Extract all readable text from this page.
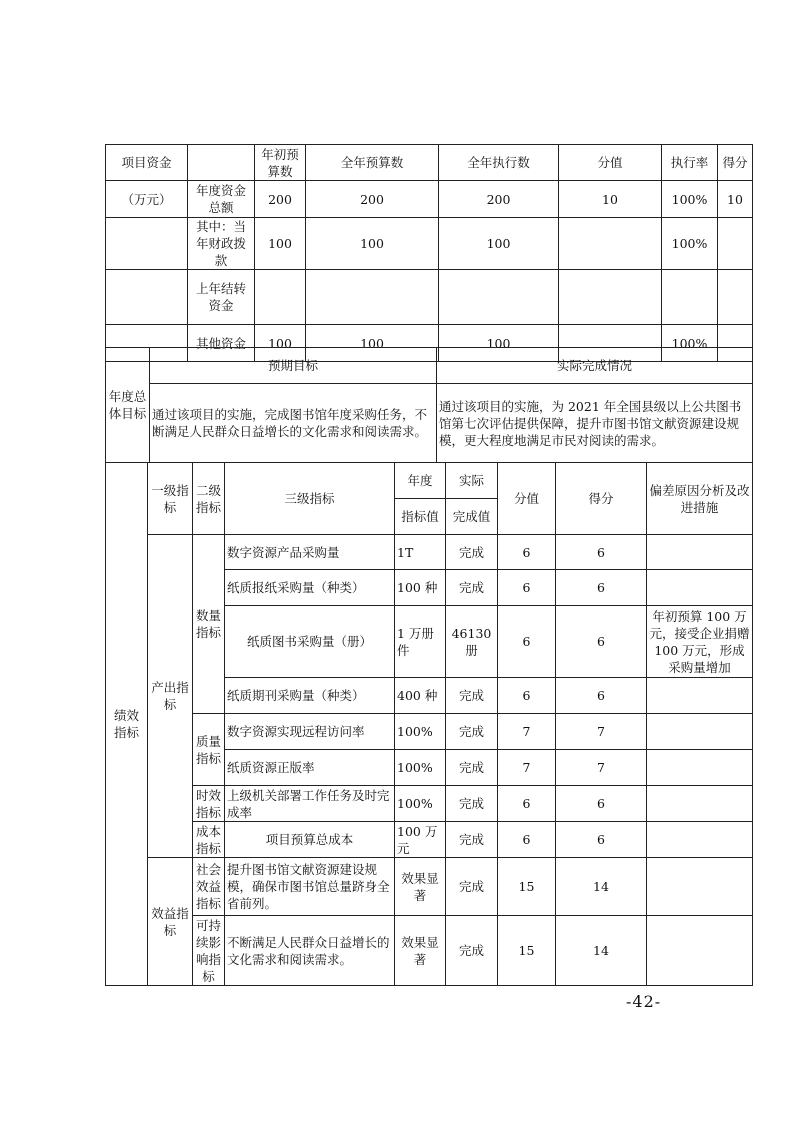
项目资金		年初预算数	全年预算数	全年执行数	分值	执行率	得分
（万元）	年度资金总额	200	200	200	10	100%	10
	其中：当年财政拨款	100	100	100		100%	
	上年结转资金						
	其他资金	100	100	100		100%	
年度总体目标	预期目标	实际完成情况
	通过该项目的实施，完成图书馆年度采购任务，不断满足人民群众日益增长的文化需求和阅读需求。	通过该项目的实施，为 2021 年全国县级以上公共图书馆第七次评估提供保障，提升市图书馆文献资源建设规模，更大程度地满足市民对阅读的需求。
绩效指标	一级指标	二级指标	三级指标	年度	实际	分值	得分	偏差原因分析及改进措施
				指标值	完成值			
	产出指标	数量指标	数字资源产品采购量	1T	完成	6	6	
			纸质报纸采购量（种类）	100 种	完成	6	6	
			纸质图书采购量（册）	1 万册件	46130 册	6	6	年初预算 100 万元，接受企业捐赠 100 万元，形成采购量增加
			纸质期刊采购量（种类）	400 种	完成	6	6	
		质量指标	数字资源实现远程访问率	100%	完成	7	7	
			纸质资源正版率	100%	完成	7	7	
		时效指标	上级机关部署工作任务及时完成率	100%	完成	6	6	
		成本指标	项目预算总成本	100 万元	完成	6	6	
	效益指标	社会效益指标	提升图书馆文献资源建设规模，确保市图书馆总量跻身全省前列。	效果显著	完成	15	14	
		可持续影响指标	不断满足人民群众日益增长的文化需求和阅读需求。	效果显著	完成	15	14	
-42-
